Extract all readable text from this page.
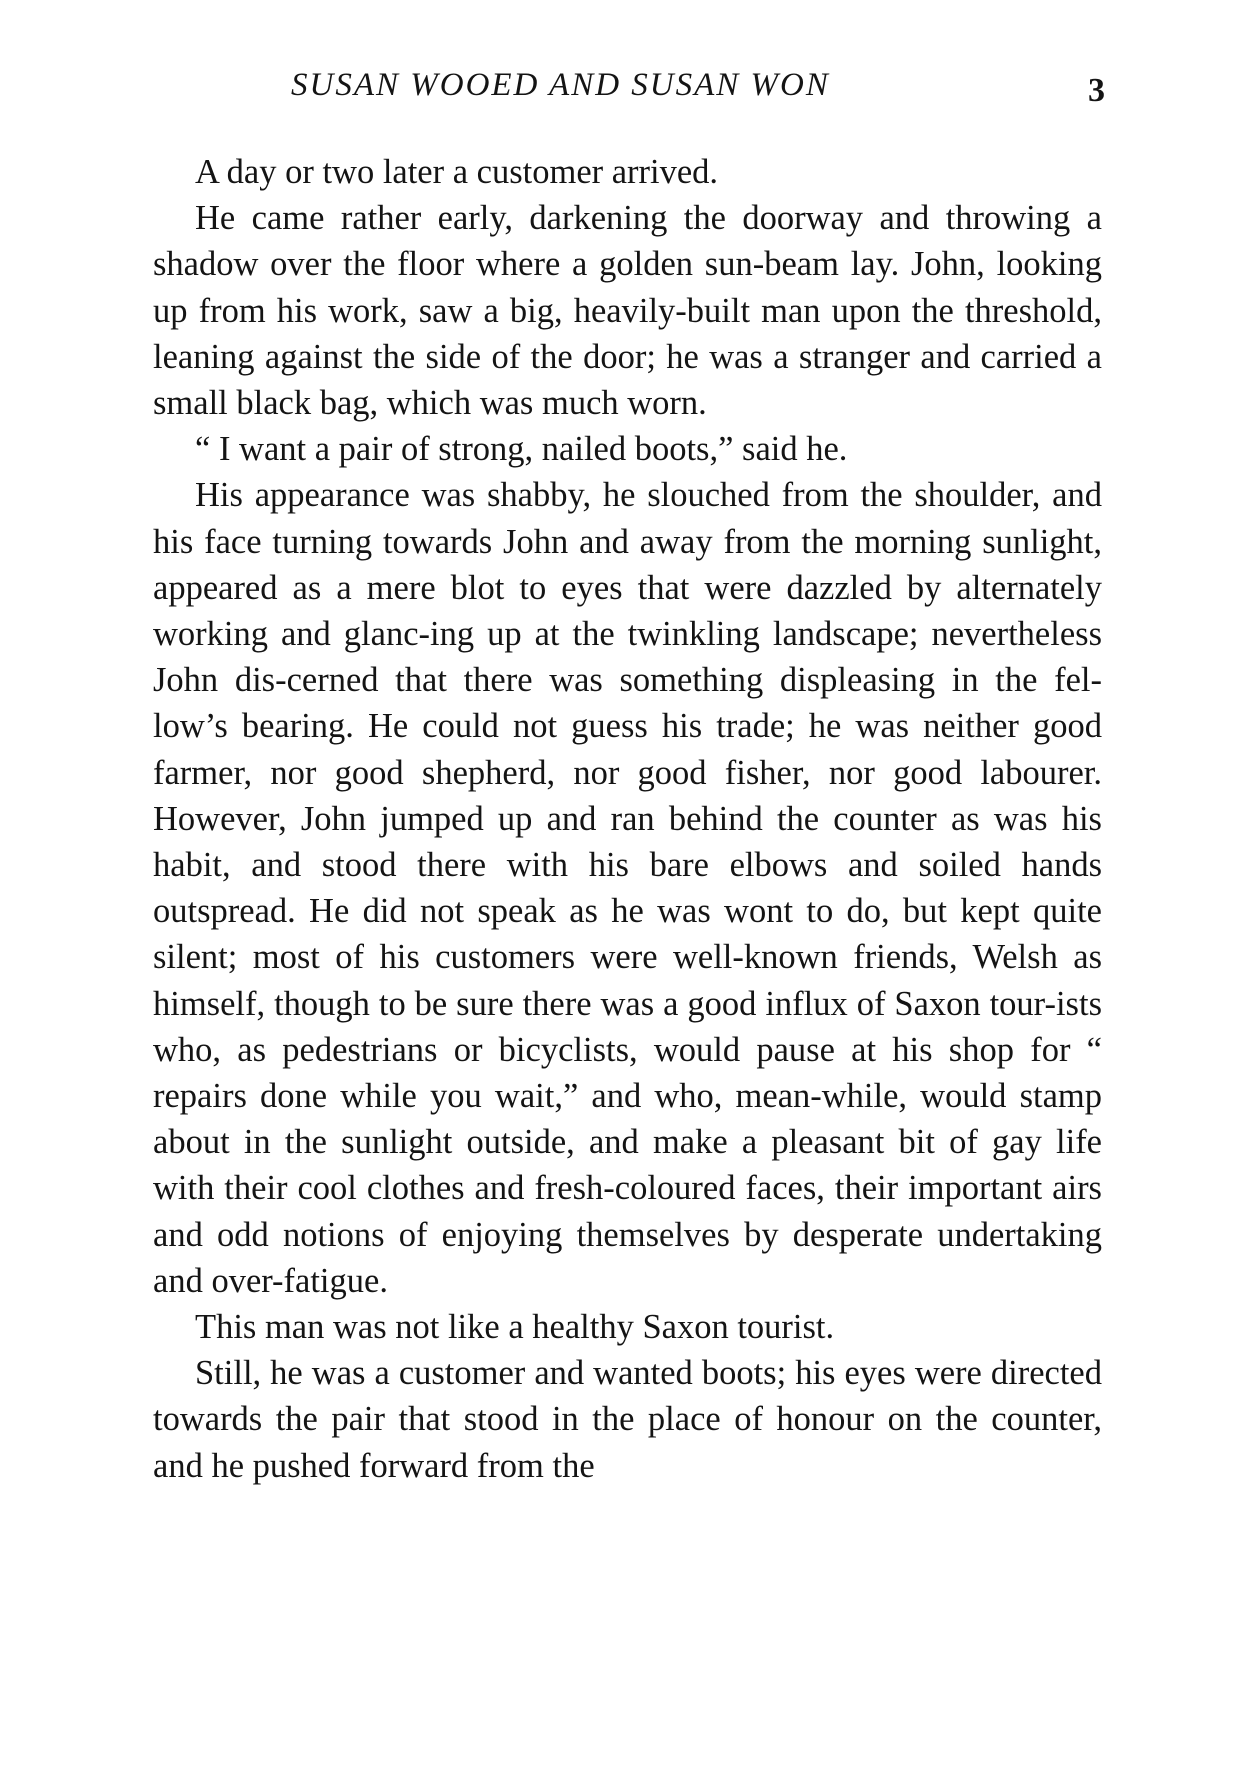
SUSAN WOOED AND SUSAN WON	3

A day or two later a customer arrived.

He came rather early, darkening the doorway and throwing a shadow over the floor where a golden sun-beam lay. John, looking up from his work, saw a big, heavily-built man upon the threshold, leaning against the side of the door; he was a stranger and carried a small black bag, which was much worn.

“ I want a pair of strong, nailed boots,” said he.

His appearance was shabby, he slouched from the shoulder, and his face turning towards John and away from the morning sunlight, appeared as a mere blot to eyes that were dazzled by alternately working and glanc-ing up at the twinkling landscape; nevertheless John dis-cerned that there was something displeasing in the fel-low’s bearing. He could not guess his trade; he was neither good farmer, nor good shepherd, nor good fisher, nor good labourer. However, John jumped up and ran behind the counter as was his habit, and stood there with his bare elbows and soiled hands outspread. He did not speak as he was wont to do, but kept quite silent; most of his customers were well-known friends, Welsh as himself, though to be sure there was a good influx of Saxon tour-ists who, as pedestrians or bicyclists, would pause at his shop for “ repairs done while you wait,” and who, mean-while, would stamp about in the sunlight outside, and make a pleasant bit of gay life with their cool clothes and fresh-coloured faces, their important airs and odd notions of enjoying themselves by desperate undertaking and over-fatigue.

This man was not like a healthy Saxon tourist.

Still, he was a customer and wanted boots; his eyes were directed towards the pair that stood in the place of honour on the counter, and he pushed forward from the
